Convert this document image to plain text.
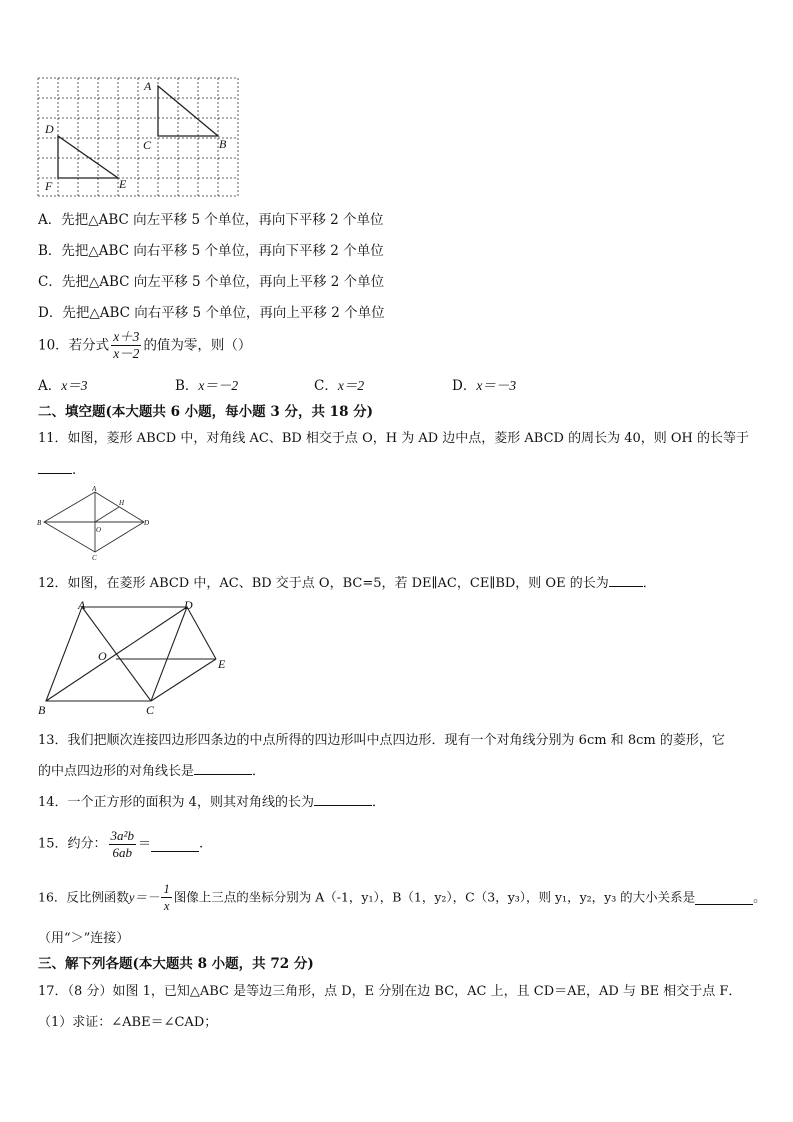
A
B
C
D
E
F
A．先把△ABC 向左平移 5 个单位，再向下平移 2 个单位
B．先把△ABC 向右平移 5 个单位，再向下平移 2 个单位
C．先把△ABC 向左平移 5 个单位，再向上平移 2 个单位
D．先把△ABC 向右平移 5 个单位，再向上平移 2 个单位
10．若分式 $\frac{x+3}{x-2}$ 的值为零，则（）
A．x＝3	B．x＝－2	C．x＝2	D．x＝－3
二、填空题(本大题共 6 小题，每小题 3 分，共 18 分)
11．如图，菱形 ABCD 中，对角线 AC、BD 相交于点 O，H 为 AD 边中点，菱形 ABCD 的周长为 40，则 OH 的长等于
．
A
B
C
D
H
O
12．如图，在菱形 ABCD 中，AC、BD 交于点 O，BC=5，若 DE∥AC，CE∥BD，则 OE 的长为	．
A	D
E
O
B	C
13．我们把顺次连接四边形四条边的中点所得的四边形叫中点四边形．现有一个对角线分别为 6cm 和 8cm 的菱形，它
的中点四边形的对角线长是	．
14．一个正方形的面积为 4，则其对角线的长为	．
15．约分： $\frac{\text{3a²b}}{6ab}$ ＝	.
16．反比例函数$y=- \frac{1}{x}$ 图像上三点的坐标分别为 A（-1，y₁），B（1，y₂），C（3，y₃），则 y₁，y₂，y₃ 的大小关系是	。
（用“＞”连接）
三、解下列各题(本大题共 8 小题，共 72 分)
17．（8 分）如图 1，已知△ABC 是等边三角形，点 D，E 分别在边 BC，AC 上，且 CD＝AE，AD 与 BE 相交于点 F．
（1）求证：∠ABE＝∠CAD；
